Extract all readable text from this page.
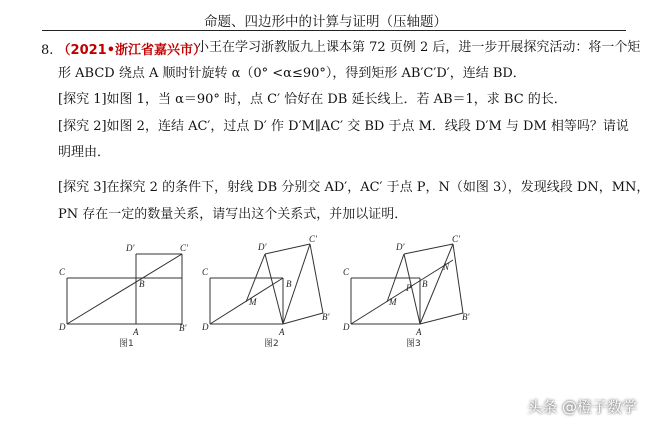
命题、四边形中的计算与证明（压轴题）
8. （2021•浙江省嘉兴市）
小王在学习浙教版九上课本第 72 页例 2 后，进一步开展探究活动：将一个矩
形 ABCD 绕点 A 顺时针旋转 α（0° <α≤90°），得到矩形 AB′C′D′，连结 BD．
[探究 1]如图 1，当 α＝90° 时，点 C′ 恰好在 DB 延长线上．若 AB＝1，求 BC 的长．
[探究 2]如图 2，连结 AC′，过点 D′ 作 D′M∥AC′ 交 BD 于点 M．线段 D′M 与 DM 相等吗？请说
明理由．
[探究 3]在探究 2 的条件下，射线 DB 分别交 AD′，AC′ 于点 P，N（如图 3），发现线段 DN，MN，
PN 存在一定的数量关系，请写出这个关系式，并加以证明．
C
D	A
B
D′	C′
B′
图1
C
D	A
B
D′
C′
B′
M
图2
C
D	A
B
D′
C′
B′
M
P
N
图3
头条 @橙子数学
